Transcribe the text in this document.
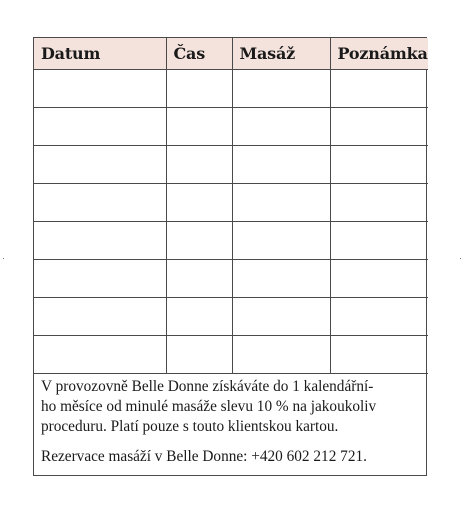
Datum	Čas	Masáž	Poznámka

V provozovně Belle Donne získáváte do 1 kalendářní-
ho měsíce od minulé masáže slevu 10 % na jakoukoliv
proceduru. Platí pouze s touto klientskou kartou.

Rezervace masáží v Belle Donne: +420 602 212 721.
